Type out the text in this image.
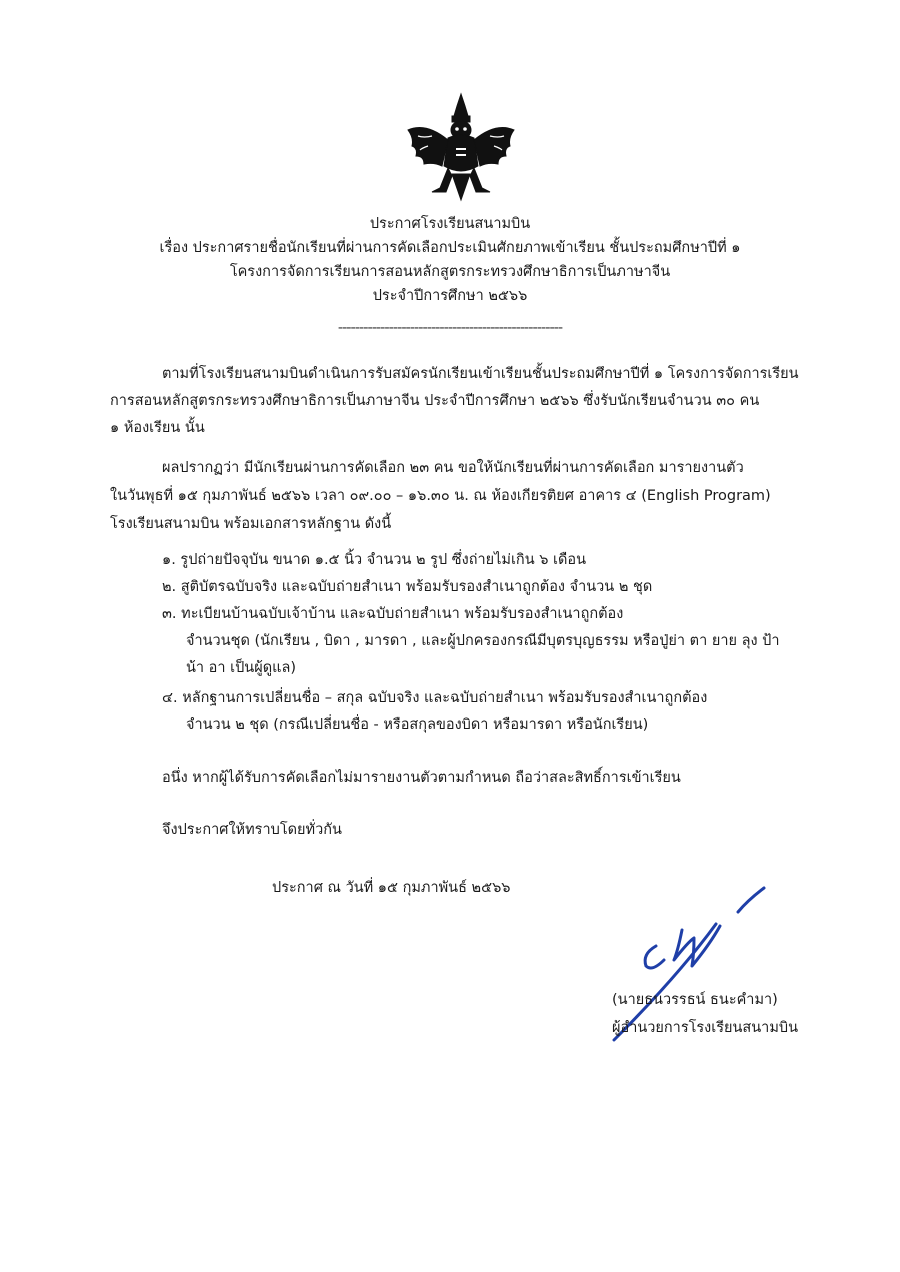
ประกาศโรงเรียนสนามบิน
เรื่อง ประกาศรายชื่อนักเรียนที่ผ่านการคัดเลือกประเมินศักยภาพเข้าเรียน ชั้นประถมศึกษาปีที่ ๑
โครงการจัดการเรียนการสอนหลักสูตรกระทรวงศึกษาธิการเป็นภาษาจีน
ประจำปีการศึกษา ๒๕๖๖
-----------------------------------------------------
ตามที่โรงเรียนสนามบินดำเนินการรับสมัครนักเรียนเข้าเรียนชั้นประถมศึกษาปีที่ ๑ โครงการจัดการเรียน
การสอนหลักสูตรกระทรวงศึกษาธิการเป็นภาษาจีน ประจำปีการศึกษา ๒๕๖๖ ซึ่งรับนักเรียนจำนวน ๓๐ คน
๑ ห้องเรียน นั้น
ผลปรากฏว่า มีนักเรียนผ่านการคัดเลือก ๒๓ คน ขอให้นักเรียนที่ผ่านการคัดเลือก มารายงานตัว
ในวันพุธที่ ๑๕ กุมภาพันธ์ ๒๕๖๖ เวลา ๐๙.๐๐ – ๑๖.๓๐ น. ณ ห้องเกียรติยศ อาคาร ๔ (English Program)
โรงเรียนสนามบิน พร้อมเอกสารหลักฐาน ดังนี้
๑. รูปถ่ายปัจจุบัน ขนาด ๑.๕ นิ้ว จำนวน ๒ รูป ซึ่งถ่ายไม่เกิน ๖ เดือน
๒. สูติบัตรฉบับจริง และฉบับถ่ายสำเนา พร้อมรับรองสำเนาถูกต้อง จำนวน ๒ ชุด
๓. ทะเบียนบ้านฉบับเจ้าบ้าน และฉบับถ่ายสำเนา พร้อมรับรองสำเนาถูกต้อง
จำนวนชุด (นักเรียน , บิดา , มารดา , และผู้ปกครองกรณีมีบุตรบุญธรรม หรือปู่ย่า ตา ยาย ลุง ป้า
น้า อา เป็นผู้ดูแล)
๔. หลักฐานการเปลี่ยนชื่อ – สกุล ฉบับจริง และฉบับถ่ายสำเนา พร้อมรับรองสำเนาถูกต้อง
จำนวน ๒ ชุด (กรณีเปลี่ยนชื่อ - หรือสกุลของบิดา หรือมารดา หรือนักเรียน)
อนึ่ง หากผู้ได้รับการคัดเลือกไม่มารายงานตัวตามกำหนด ถือว่าสละสิทธิ์การเข้าเรียน
จึงประกาศให้ทราบโดยทั่วกัน
ประกาศ ณ วันที่ ๑๕ กุมภาพันธ์ ๒๕๖๖
(นายธนวรรธน์ ธนะคำมา)
ผู้อำนวยการโรงเรียนสนามบิน
